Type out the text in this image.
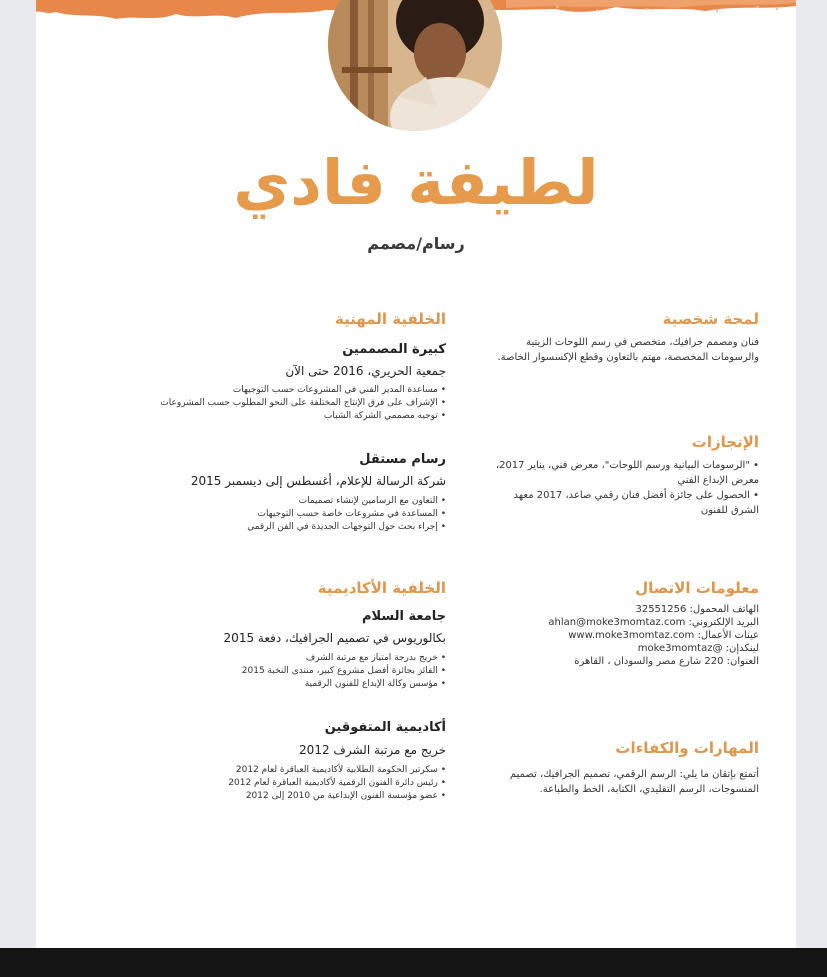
لطيفة فادي
رسام/مصمم
لمحة شخصية
فنان ومصمم جرافيك، متخصص في رسم اللوحات الزيتية والرسومات المخصصة، مهتم بالتعاون وقطع الإكسسوار الخاصة.
الإنجازات
• "الرسومات البيانية ورسم اللوحات"، معرض فني، يناير 2017، معرض الإبداع الفني
• الحصول على جائزة أفضل فنان رقمي صاعد، 2017 معهد الشرق للفنون
معلومات الاتصال
الهاتف المحمول: 32551256
البريد الإلكتروني: ahlan@moke3momtaz.com
عينات الأعمال: www.moke3momtaz.com
لينكدإن: @moke3momtaz
العنوان: 220 شارع مصر والسودان ، القاهرة
المهارات والكفاءات
أتمتع بإتقان ما يلي: الرسم الرقمي، تصميم الجرافيك، تصميم المنسوجات، الرسم التقليدي، الكتابة، الخط والطباعة.
الخلفية المهنية
كبيرة المصممين
جمعية الحريري، 2016 حتى الآن
• مساعدة المدير الفني في المشروعات حسب التوجيهات
• الإشراف على فرق الإنتاج المختلفة على النحو المطلوب حسب المشروعات
• توجيه مصممي الشركة الشباب
رسام مستقل
شركة الرسالة للإعلام، أغسطس إلى ديسمبر 2015
• التعاون مع الرسامين لإنشاء تصميمات
• المساعدة في مشروعات خاصة حسب التوجيهات
• إجراء بحث حول التوجهات الجديدة في الفن الرقمي
الخلفية الأكاديمية
جامعة السلام
بكالوريوس في تصميم الجرافيك، دفعة 2015
• خريج بدرجة امتياز مع مرتبة الشرف
• الفائز بجائزة أفضل مشروع كبير، منتدى النخبة 2015
• مؤسس وكالة الإبداع للفنون الرقمية
أكاديمية المتفوقين
خريج مع مرتبة الشرف 2012
• سكرتير الحكومة الطلابية لأكاديمية العباقرة لعام 2012
• رئيس دائرة الفنون الرقمية لأكاديمية العباقرة لعام 2012
• عضو مؤسسة الفنون الإبداعية من 2010 إلى 2012
